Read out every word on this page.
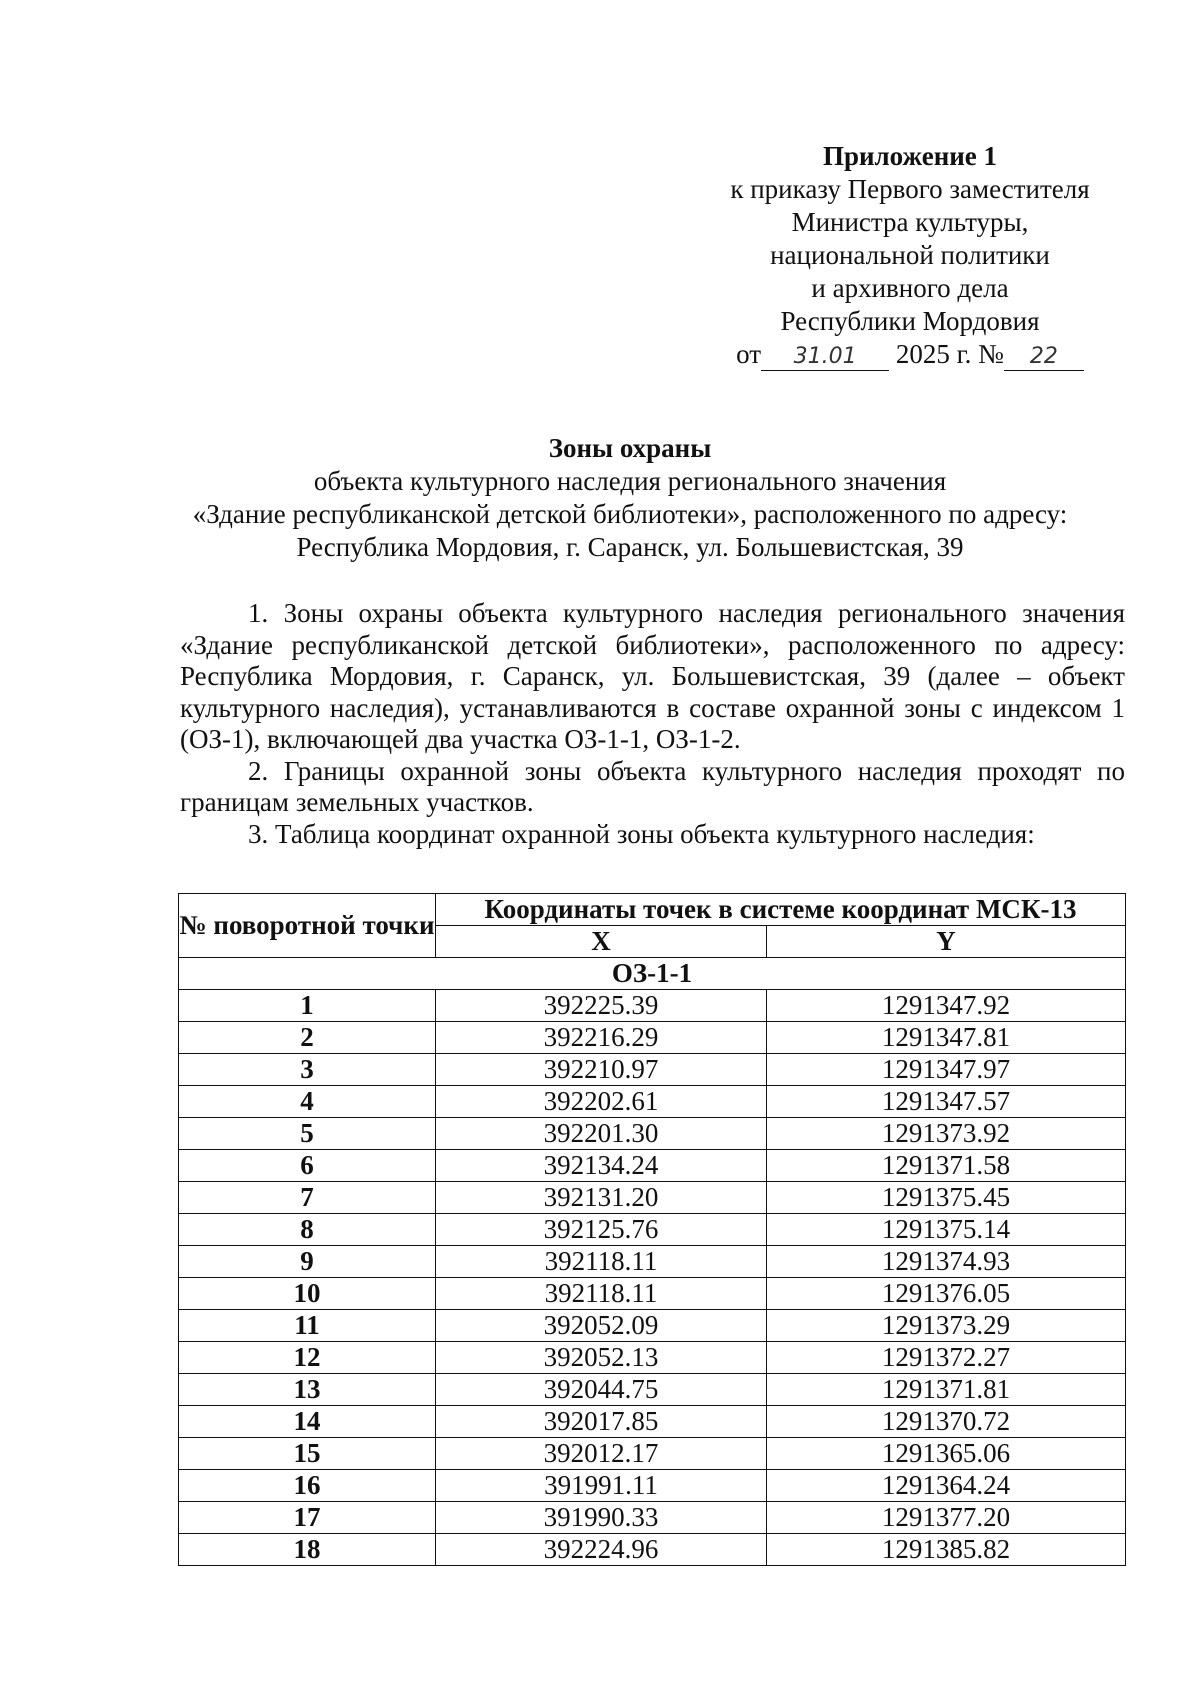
Приложение 1
к приказу Первого заместителя
Министра культуры,
национальной политики
и архивного дела
Республики Мордовия
от 31.01 2025 г. № 22
Зоны охраны
объекта культурного наследия регионального значения
«Здание республиканской детской библиотеки», расположенного по адресу:
Республика Мордовия, г. Саранск, ул. Большевистская, 39

1. Зоны охраны объекта культурного наследия регионального значения «Здание республиканской детской библиотеки», расположенного по адресу: Республика Мордовия, г. Саранск, ул. Большевистская, 39 (далее – объект культурного наследия), устанавливаются в составе охранной зоны с индексом 1 (ОЗ-1), включающей два участка ОЗ-1-1, ОЗ-1-2.

2. Границы охранной зоны объекта культурного наследия проходят по границам земельных участков.

3. Таблица координат охранной зоны объекта культурного наследия:

№ поворотной точки	Координаты точек в системе координат МСК-13	
	X	Y
ОЗ-1-1		
1	392225.39	1291347.92
2	392216.29	1291347.81
3	392210.97	1291347.97
4	392202.61	1291347.57
5	392201.30	1291373.92
6	392134.24	1291371.58
7	392131.20	1291375.45
8	392125.76	1291375.14
9	392118.11	1291374.93
10	392118.11	1291376.05
11	392052.09	1291373.29
12	392052.13	1291372.27
13	392044.75	1291371.81
14	392017.85	1291370.72
15	392012.17	1291365.06
16	391991.11	1291364.24
17	391990.33	1291377.20
18	392224.96	1291385.82
